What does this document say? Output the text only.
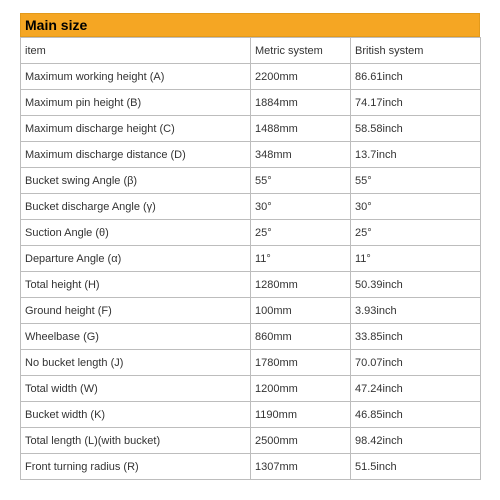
Main size
item	Metric system	British system
Maximum working height (A)	2200mm	86.61inch
Maximum pin height (B)	1884mm	74.17inch
Maximum discharge height (C)	1488mm	58.58inch
Maximum discharge distance (D)	348mm	13.7inch
Bucket swing Angle (β)	55°	55°
Bucket discharge Angle (γ)	30°	30°
Suction Angle (θ)	25°	25°
Departure Angle (α)	11°	11°
Total height (H)	1280mm	50.39inch
Ground height (F)	100mm	3.93inch
Wheelbase (G)	860mm	33.85inch
No bucket length (J)	1780mm	70.07inch
Total width (W)	1200mm	47.24inch
Bucket width (K)	1190mm	46.85inch
Total length (L)(with bucket)	2500mm	98.42inch
Front turning radius (R)	1307mm	51.5inch
